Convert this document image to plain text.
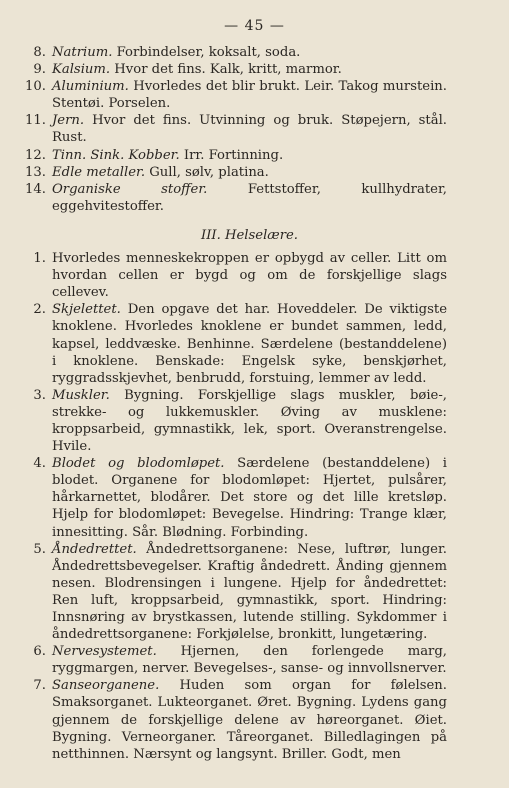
— 45 —
8. Natrium. Forbindelser, koksalt, soda.
9. Kalsium. Hvor det fins. Kalk, kritt, marmor.
10. Aluminium. Hvorledes det blir brukt. Leir. Takog murstein. Stentøi. Porselen.
11. Jern. Hvor det fins. Utvinning og bruk. Støpejern, stål. Rust.
12. Tinn. Sink. Kobber. Irr. Fortinning.
13. Edle metaller. Gull, sølv, platina.
14. Organiske stoffer. Fettstoffer, kullhydrater, eggehvitestoffer.
III. Helselære.
1. Hvorledes menneskekroppen er opbygd av celler. Litt om hvordan cellen er bygd og om de forskjellige slags cellevev.
2. Skjelettet. Den opgave det har. Hoveddeler. De viktigste knoklene. Hvorledes knoklene er bundet sammen, ledd, kapsel, leddvæske. Benhinne. Særdelene (bestanddelene) i knoklene. Benskade: Engelsk syke, benskjørhet, ryggradsskjevhet, benbrudd, forstuing, lemmer av ledd.
3. Muskler. Bygning. Forskjellige slags muskler, bøie-, strekke- og lukkemuskler. Øving av musklene: kroppsarbeid, gymnastikk, lek, sport. Overanstrengelse. Hvile.
4. Blodet og blodomløpet. Særdelene (bestanddelene) i blodet. Organene for blodomløpet: Hjertet, pulsårer, hårkarnettet, blodårer. Det store og det lille kretsløp. Hjelp for blodomløpet: Bevegelse. Hindring: Trange klær, innesitting. Sår. Blødning. Forbinding.
5. Åndedrettet. Åndedrettsorganene: Nese, luftrør, lunger. Åndedrettsbevegelser. Kraftig åndedrett. Ånding gjennem nesen. Blodrensingen i lungene. Hjelp for åndedrettet: Ren luft, kroppsarbeid, gymnastikk, sport. Hindring: Innsnøring av brystkassen, lutende stilling. Sykdommer i åndedrettsorganene: Forkjølelse, bronkitt, lungetæring.
6. Nervesystemet. Hjernen, den forlengede marg, ryggmargen, nerver. Bevegelses-, sanse- og innvollsnerver.
7. Sanseorganene. Huden som organ for følelsen. Smaksorganet. Lukteorganet. Øret. Bygning. Lydens gang gjennem de forskjellige delene av høreorganet. Øiet. Bygning. Verneorganer. Tåreorganet. Billedlagingen på netthinnen. Nærsynt og langsynt. Briller. Godt, men
